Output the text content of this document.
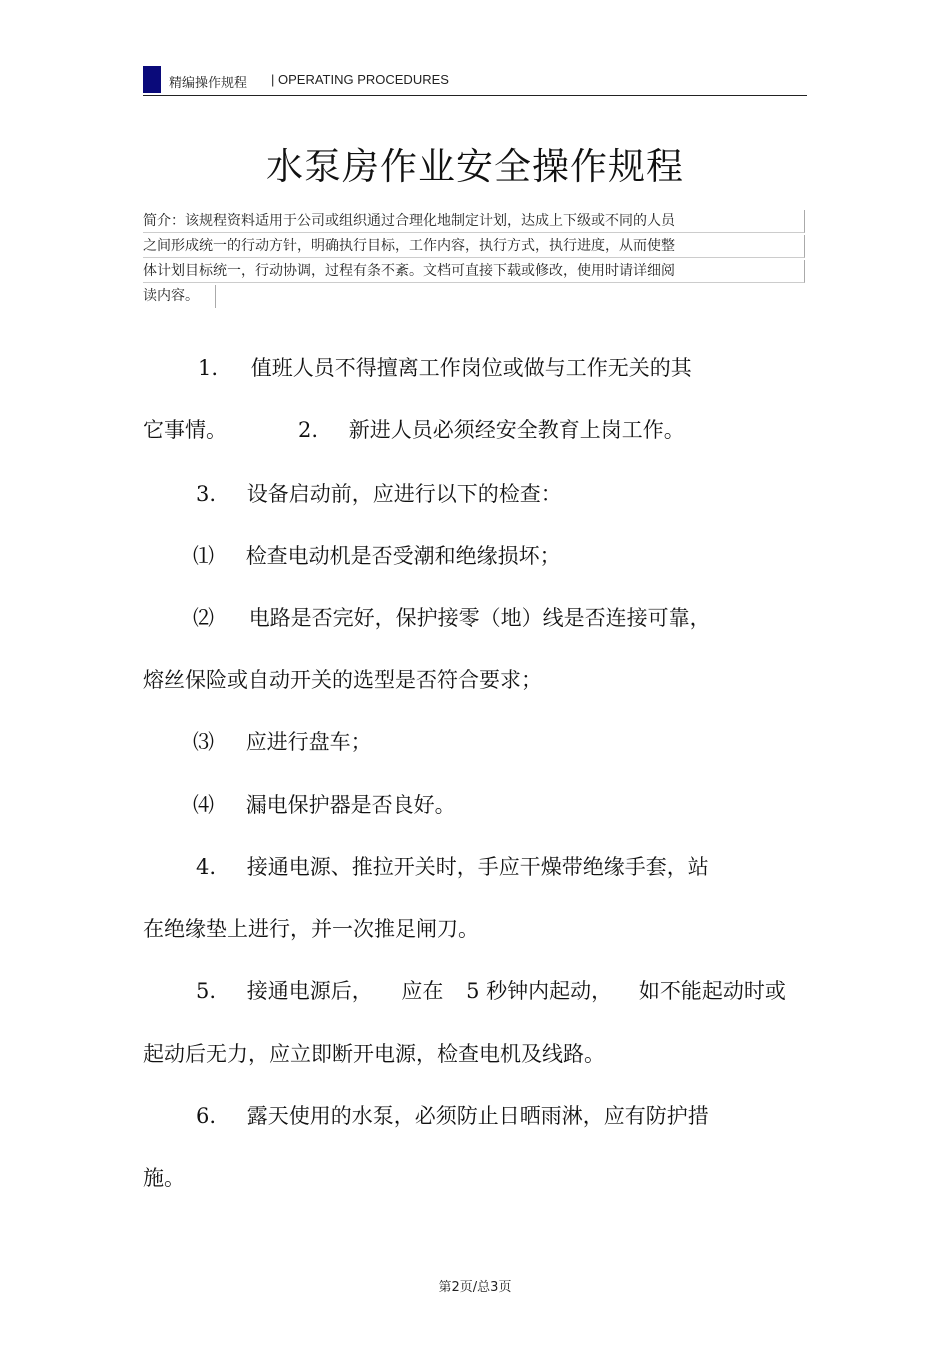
精编操作规程 | OPERATING PROCEDURES
水泵房作业安全操作规程
简介：该规程资料适用于公司或组织通过合理化地制定计划，达成上下级或不同的人员
之间形成统一的行动方针，明确执行目标，工作内容，执行方式，执行进度，从而使整
体计划目标统一，行动协调，过程有条不紊。文档可直接下载或修改，使用时请详细阅
读内容。
1. 值班人员不得擅离工作岗位或做与工作无关的其
它事情。	2. 新进人员必须经安全教育上岗工作。
3. 设备启动前，应进行以下的检查：
⑴ 检查电动机是否受潮和绝缘损坏；
⑵ 电路是否完好，保护接零（地）线是否连接可靠，
熔丝保险或自动开关的选型是否符合要求；
⑶ 应进行盘车；
⑷ 漏电保护器是否良好。
4. 接通电源、推拉开关时，手应干燥带绝缘手套，站
在绝缘垫上进行，并一次推足闸刀。
5. 接通电源后， 应在 5 秒钟内起动， 如不能起动时或
起动后无力，应立即断开电源，检查电机及线路。
6. 露天使用的水泵，必须防止日晒雨淋，应有防护措
施。
第2页/总3页
